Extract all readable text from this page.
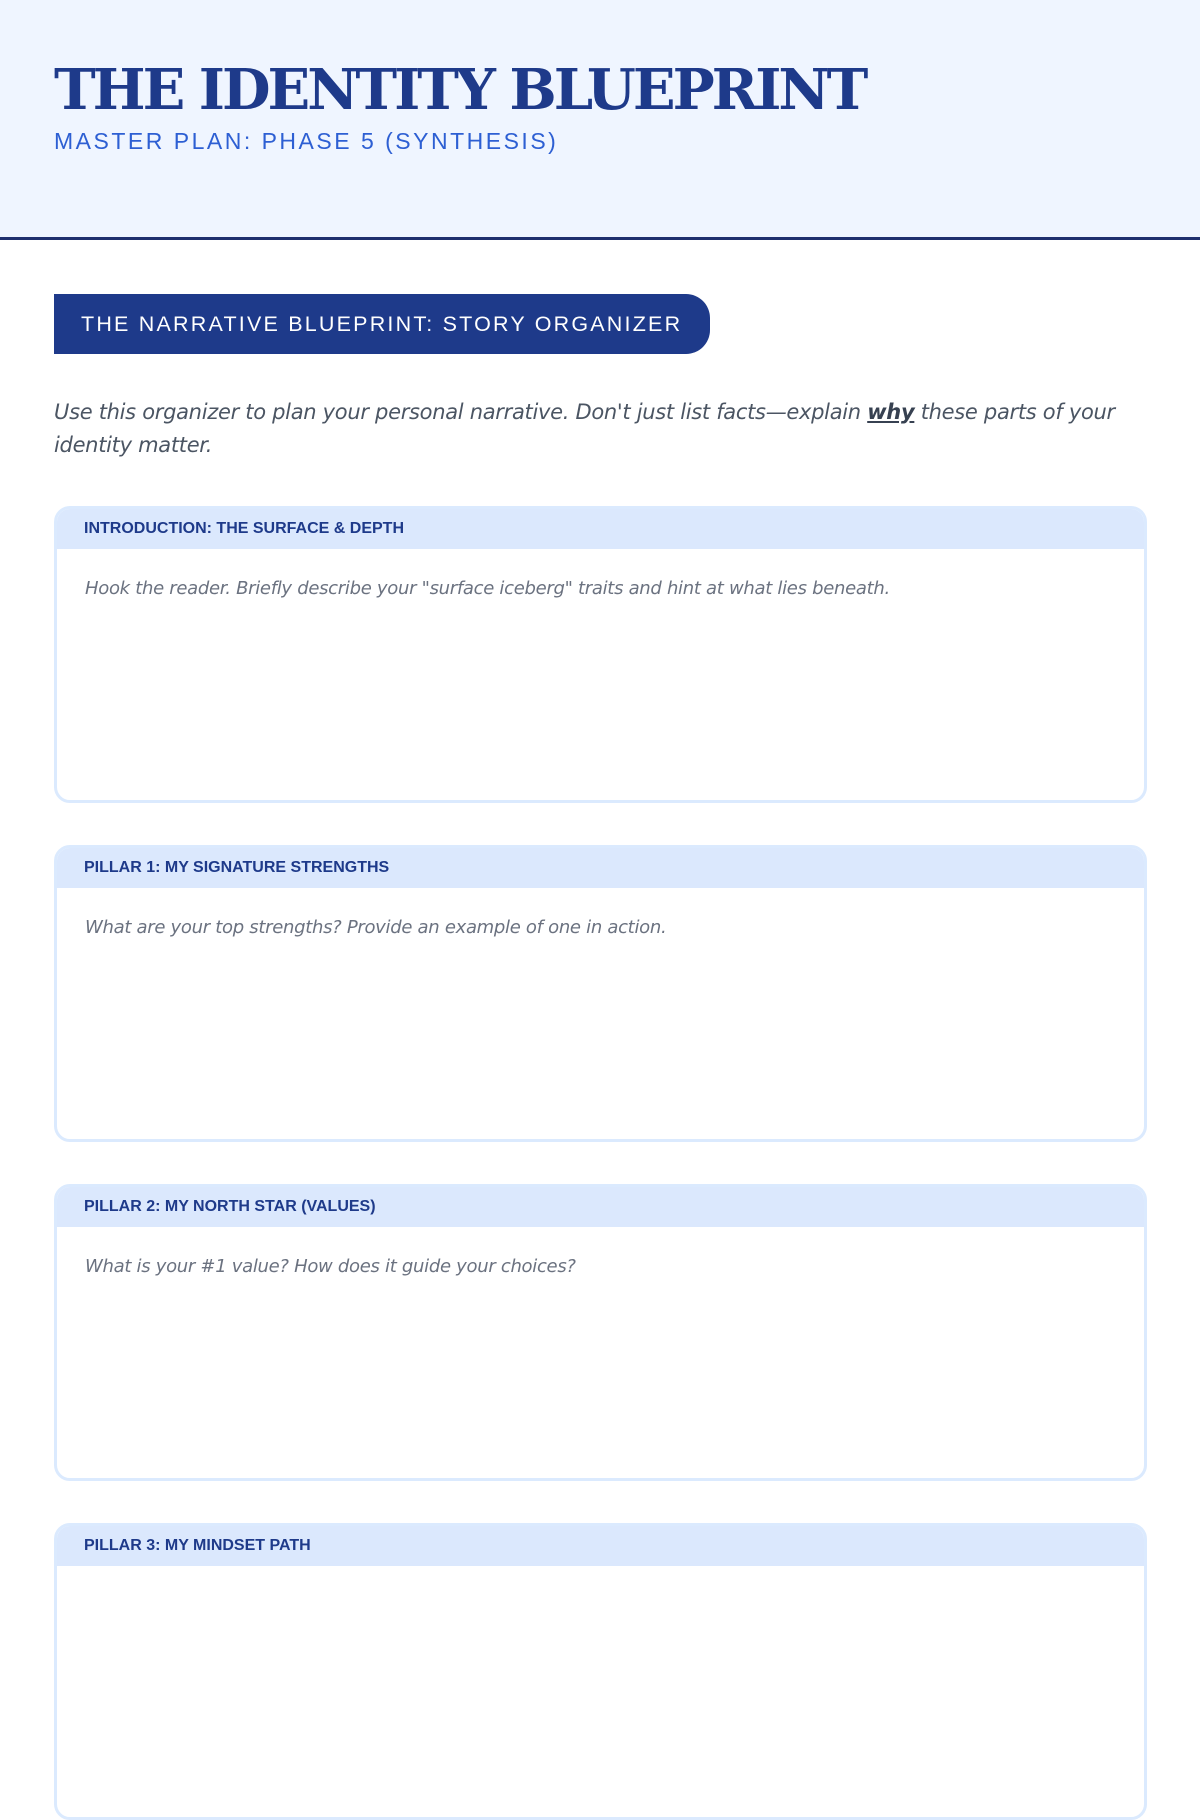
THE IDENTITY BLUEPRINT
MASTER PLAN: PHASE 5 (SYNTHESIS)
THE NARRATIVE BLUEPRINT: STORY ORGANIZER

Use this organizer to plan your personal narrative. Don't just list facts—explain why these parts of your identity matter.

INTRODUCTION: THE SURFACE & DEPTH
Hook the reader. Briefly describe your "surface iceberg" traits and hint at what lies beneath.
PILLAR 1: MY SIGNATURE STRENGTHS
What are your top strengths? Provide an example of one in action.
PILLAR 2: MY NORTH STAR (VALUES)
What is your #1 value? How does it guide your choices?
PILLAR 3: MY MINDSET PATH
